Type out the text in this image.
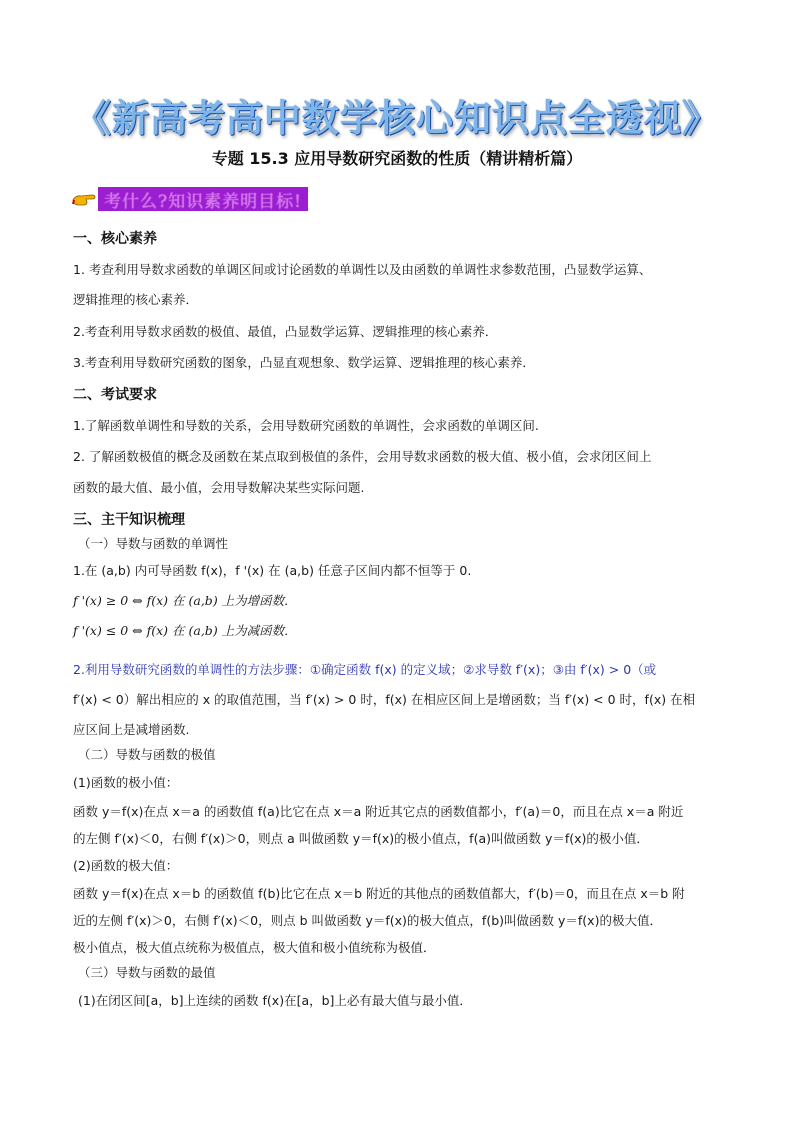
《新高考高中数学核心知识点全透视》
专题 15.3 应用导数研究函数的性质（精讲精析篇）
考什么?知识素养明目标!
一、核心素养
1. 考查利用导数求函数的单调区间或讨论函数的单调性以及由函数的单调性求参数范围，凸显数学运算、
逻辑推理的核心素养．
2.考查利用导数求函数的极值、最值，凸显数学运算、逻辑推理的核心素养．
3.考查利用导数研究函数的图象，凸显直观想象、数学运算、逻辑推理的核心素养．
二、考试要求
1.了解函数单调性和导数的关系，会用导数研究函数的单调性，会求函数的单调区间.
2. 了解函数极值的概念及函数在某点取到极值的条件，会用导数求函数的极大值、极小值，会求闭区间上
函数的最大值、最小值，会用导数解决某些实际问题.
三、主干知识梳理
（一）导数与函数的单调性
1.在 (a,b) 内可导函数 f(x)，f '(x) 在 (a,b) 任意子区间内都不恒等于 0.
f '(x) ≥ 0 ⇔ f(x) 在 (a,b) 上为增函数．
f '(x) ≤ 0 ⇔ f(x) 在 (a,b) 上为减函数．
2.利用导数研究函数的单调性的方法步骤：①确定函数 f(x) 的定义域；②求导数 f′(x)；③由 f′(x) > 0（或
f′(x) < 0）解出相应的 x 的取值范围，当 f′(x) > 0 时，f(x) 在相应区间上是增函数；当 f′(x) < 0 时，f(x) 在相
应区间上是减增函数.
（二）导数与函数的极值
(1)函数的极小值：
函数 y＝f(x)在点 x＝a 的函数值 f(a)比它在点 x＝a 附近其它点的函数值都小，f′(a)＝0，而且在点 x＝a 附近
的左侧 f′(x)＜0，右侧 f′(x)＞0，则点 a 叫做函数 y＝f(x)的极小值点，f(a)叫做函数 y＝f(x)的极小值．
(2)函数的极大值：
函数 y＝f(x)在点 x＝b 的函数值 f(b)比它在点 x＝b 附近的其他点的函数值都大，f′(b)＝0，而且在点 x＝b 附
近的左侧 f′(x)＞0，右侧 f′(x)＜0，则点 b 叫做函数 y＝f(x)的极大值点，f(b)叫做函数 y＝f(x)的极大值．
极小值点，极大值点统称为极值点，极大值和极小值统称为极值．
（三）导数与函数的最值
(1)在闭区间[a，b]上连续的函数 f(x)在[a，b]上必有最大值与最小值．
